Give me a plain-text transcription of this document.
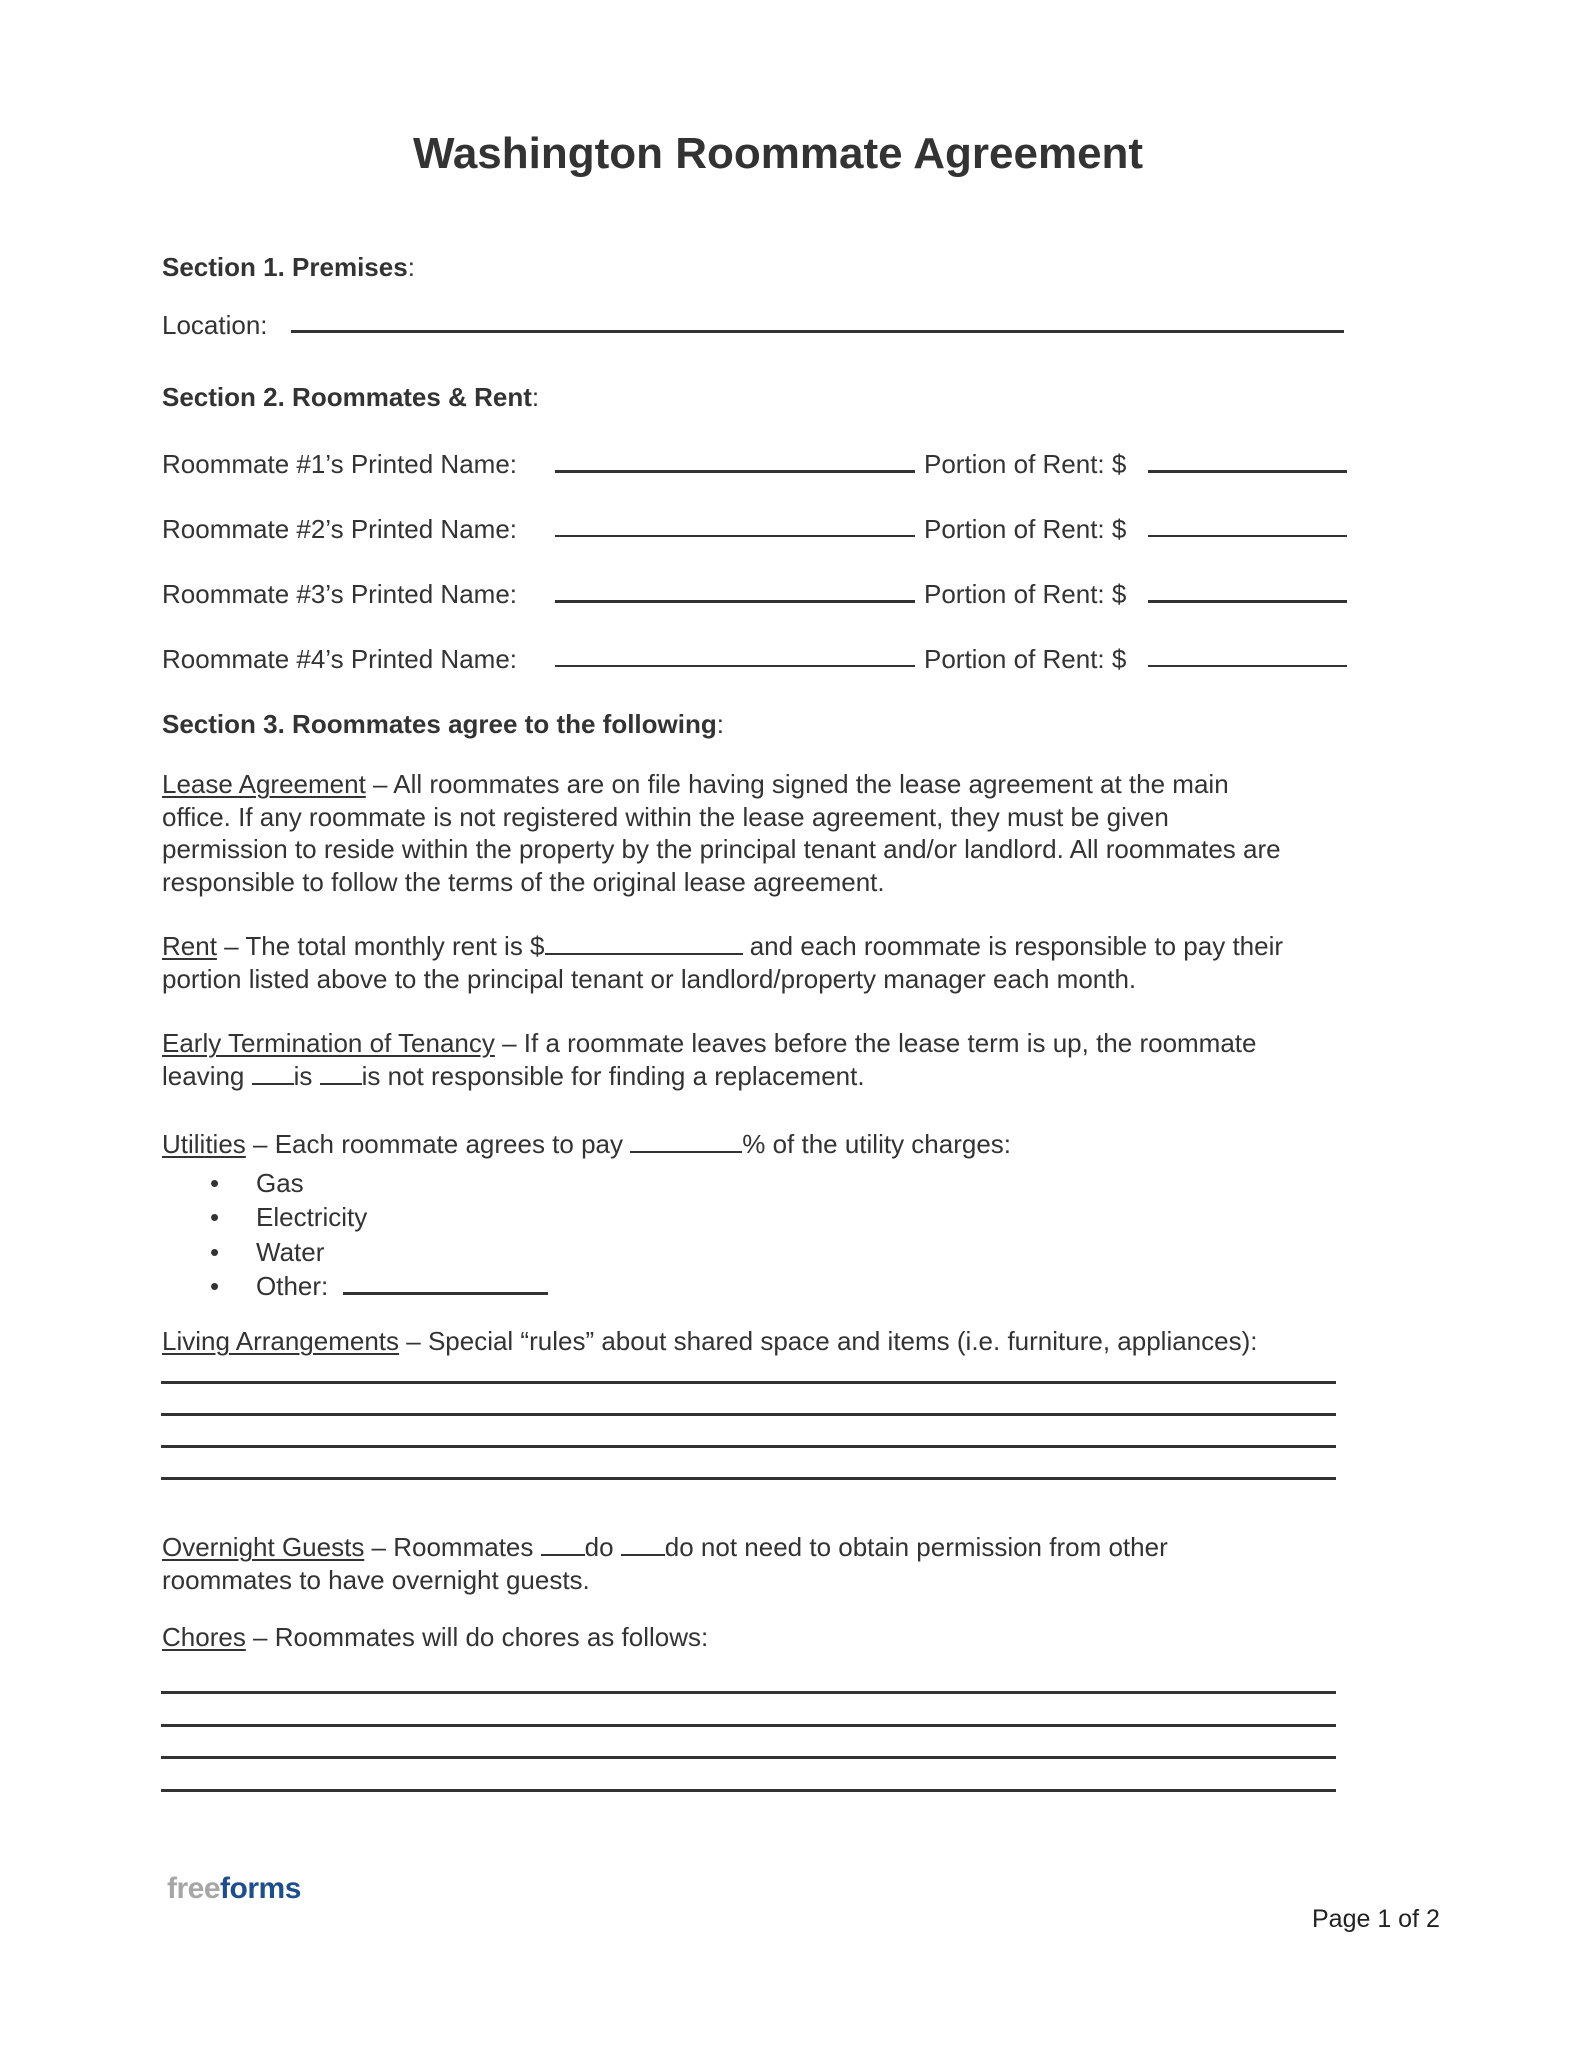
Washington Roommate Agreement
Section 1. Premises:
Location:
Section 2. Roommates & Rent:
Roommate #1’s Printed Name:	Portion of Rent: $
Roommate #2’s Printed Name:	Portion of Rent: $
Roommate #3’s Printed Name:	Portion of Rent: $
Roommate #4’s Printed Name:	Portion of Rent: $
Section 3. Roommates agree to the following:
Lease Agreement – All roommates are on file having signed the lease agreement at the main
office. If any roommate is not registered within the lease agreement, they must be given
permission to reside within the property by the principal tenant and/or landlord. All roommates are
responsible to follow the terms of the original lease agreement.
Rent – The total monthly rent is $	and each roommate is responsible to pay their
portion listed above to the principal tenant or landlord/property manager each month.
Early Termination of Tenancy – If a roommate leaves before the lease term is up, the roommate
leaving is is not responsible for finding a replacement.
Utilities – Each roommate agrees to pay	% of the utility charges:
• Gas
• Electricity
• Water
• Other:
Living Arrangements – Special “rules” about shared space and items (i.e. furniture, appliances):
Overnight Guests – Roommates do do not need to obtain permission from other
roommates to have overnight guests.
Chores – Roommates will do chores as follows:
freeforms
Page 1 of 2
